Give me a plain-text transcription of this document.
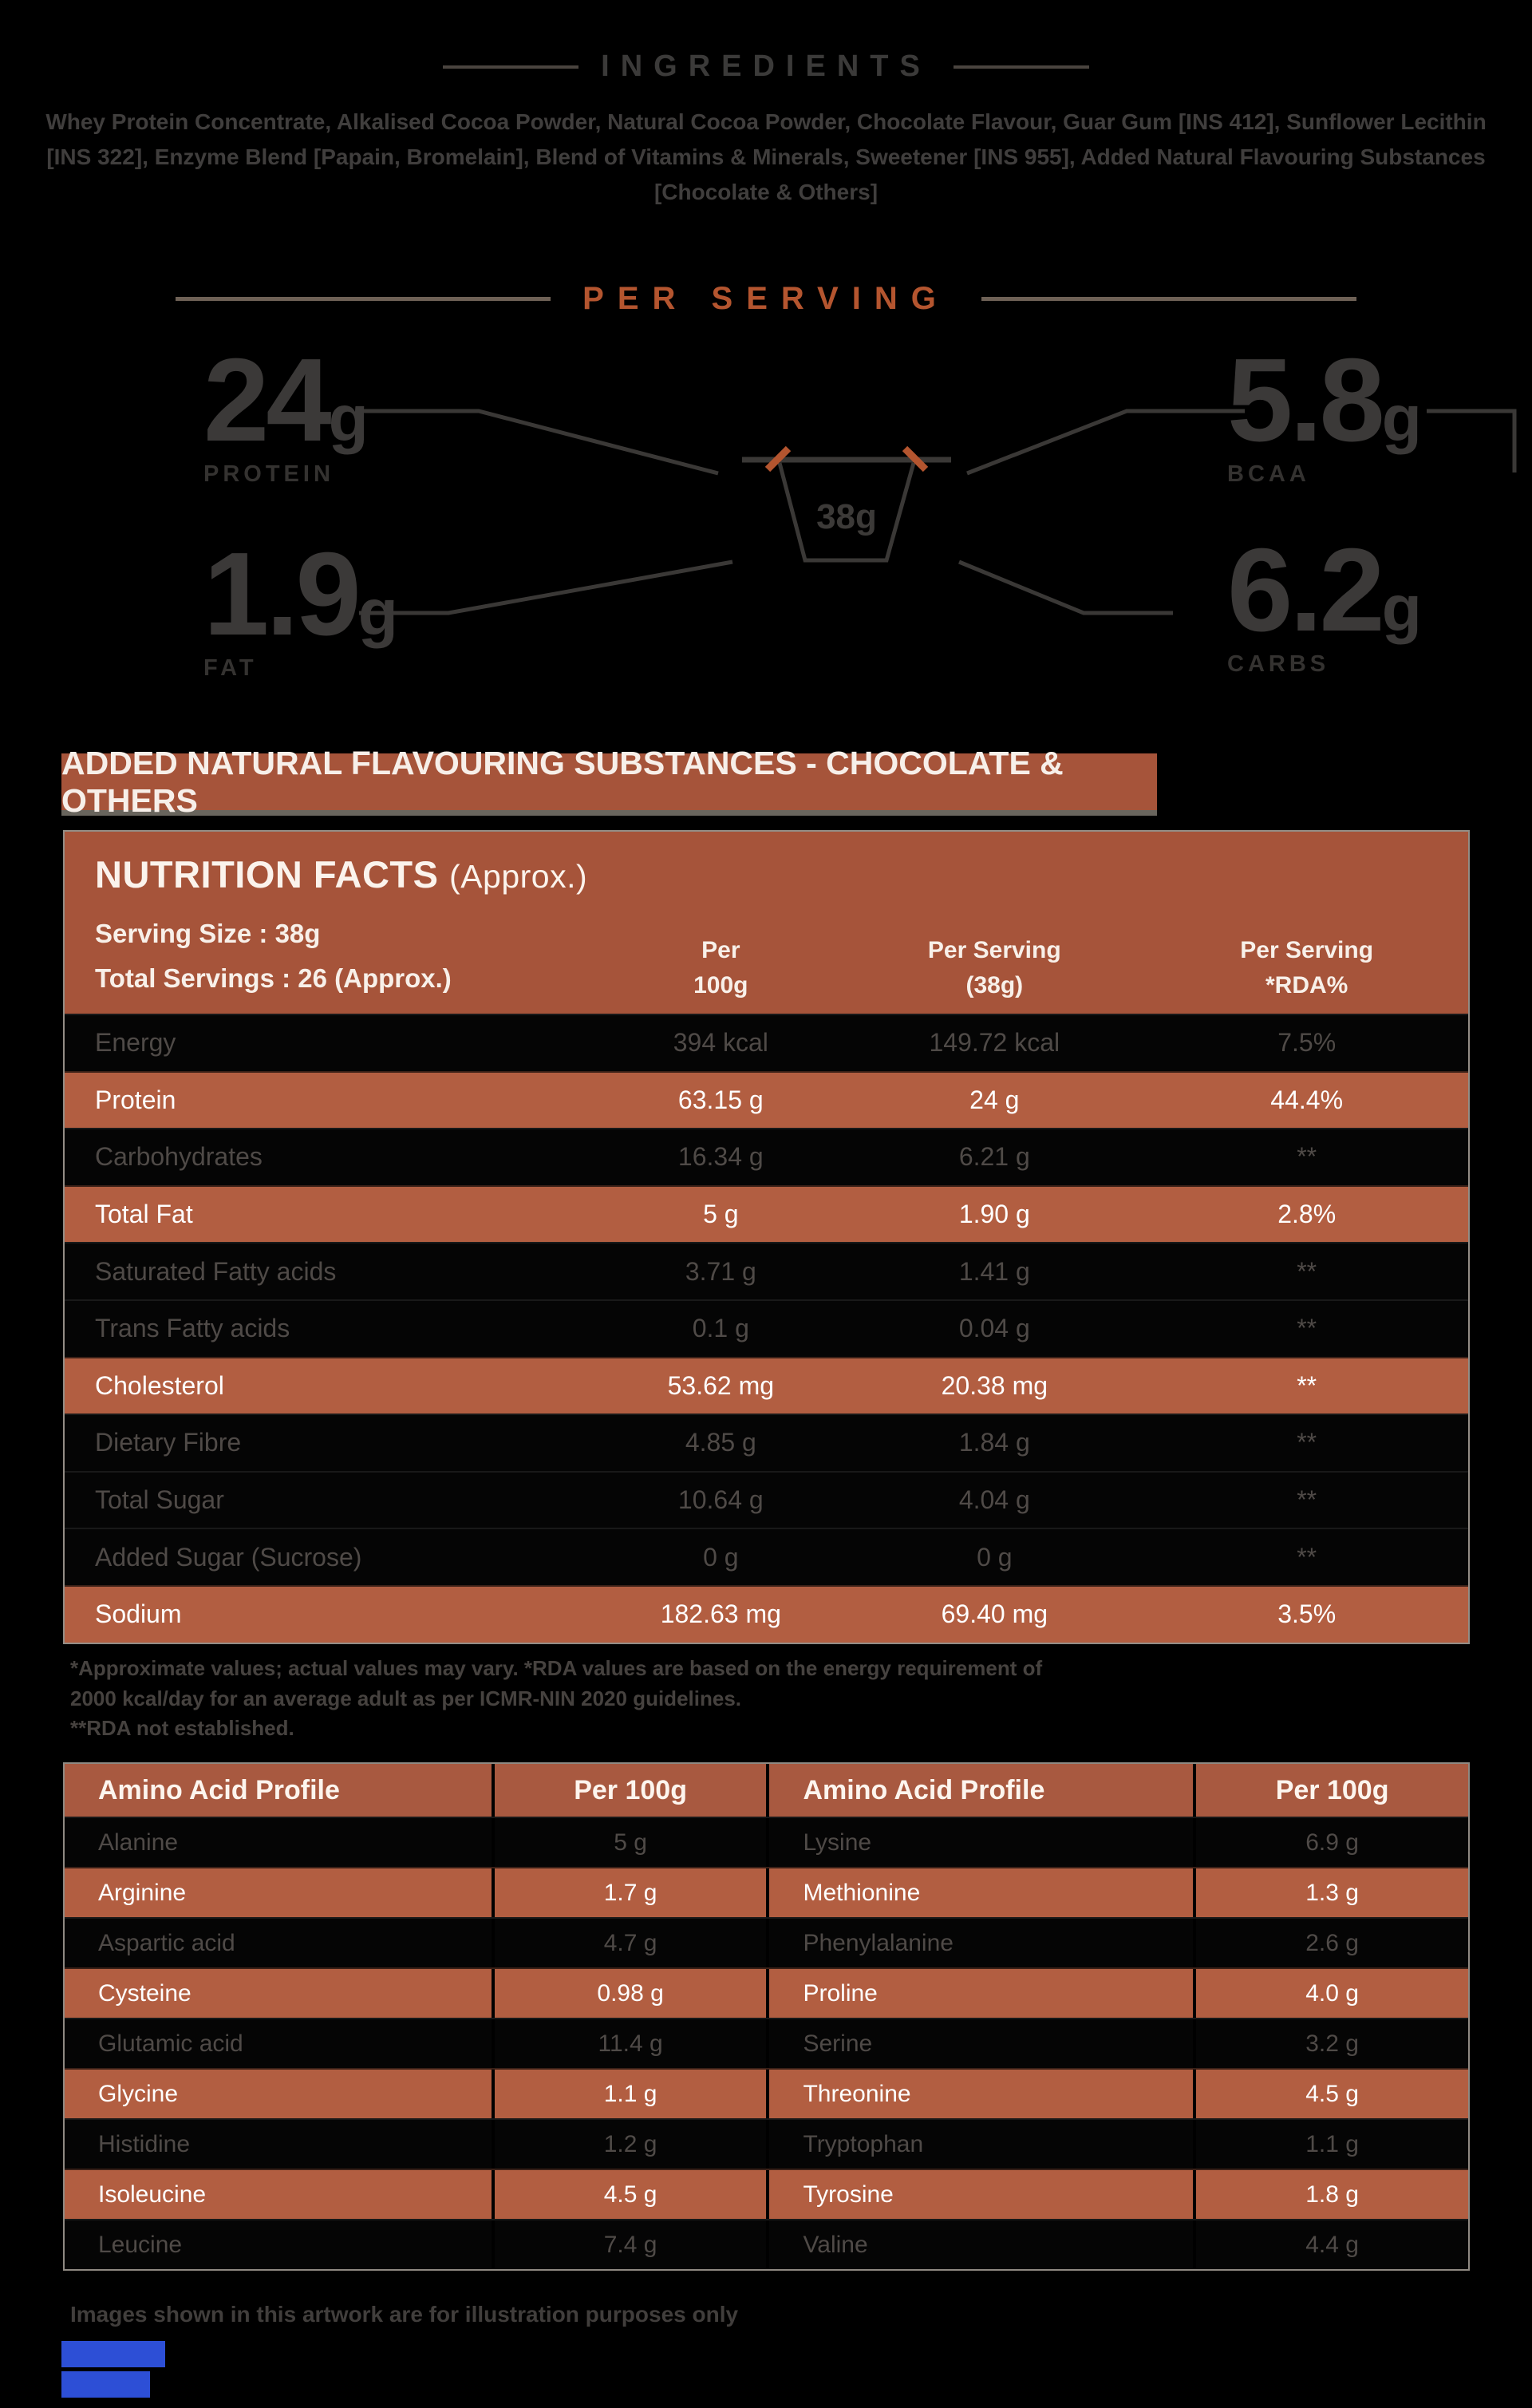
INGREDIENTS

Whey Protein Concentrate, Alkalised Cocoa Powder, Natural Cocoa Powder, Chocolate Flavour, Guar Gum [INS 412], Sunflower Lecithin [INS 322], Enzyme Blend [Papain, Bromelain], Blend of Vitamins & Minerals, Sweetener [INS 955], Added Natural Flavouring Substances [Chocolate & Others]

PER SERVING
38g
24g
PROTEIN
5.8g
BCAA
1.9g
FAT
6.2g
CARBS
ADDED NATURAL FLAVOURING SUBSTANCES - CHOCOLATE & OTHERS
NUTRITION FACTS (Approx.)
Serving Size : 38g
Total Servings : 26 (Approx.)
Per
100g
Per Serving
(38g)
Per Serving
*RDA%
Energy	394 kcal	149.72 kcal	7.5%
Protein	63.15 g	24 g	44.4%
Carbohydrates	16.34 g	6.21 g	**
Total Fat	5 g	1.90 g	2.8%
Saturated Fatty acids	3.71 g	1.41 g	**
Trans Fatty acids	0.1 g	0.04 g	**
Cholesterol	53.62 mg	20.38 mg	**
Dietary Fibre	4.85 g	1.84 g	**
Total Sugar	10.64 g	4.04 g	**
Added Sugar (Sucrose)	0 g	0 g	**
Sodium	182.63 mg	69.40 mg	3.5%
*Approximate values; actual values may vary. *RDA values are based on the energy requirement of
2000 kcal/day for an average adult as per ICMR-NIN 2020 guidelines.
**RDA not established.
Amino Acid Profile	Per 100g	Amino Acid Profile	Per 100g
Alanine	5 g	Lysine	6.9 g
Arginine	1.7 g	Methionine	1.3 g
Aspartic acid	4.7 g	Phenylalanine	2.6 g
Cysteine	0.98 g	Proline	4.0 g
Glutamic acid	11.4 g	Serine	3.2 g
Glycine	1.1 g	Threonine	4.5 g
Histidine	1.2 g	Tryptophan	1.1 g
Isoleucine	4.5 g	Tyrosine	1.8 g
Leucine	7.4 g	Valine	4.4 g
Images shown in this artwork are for illustration purposes only
